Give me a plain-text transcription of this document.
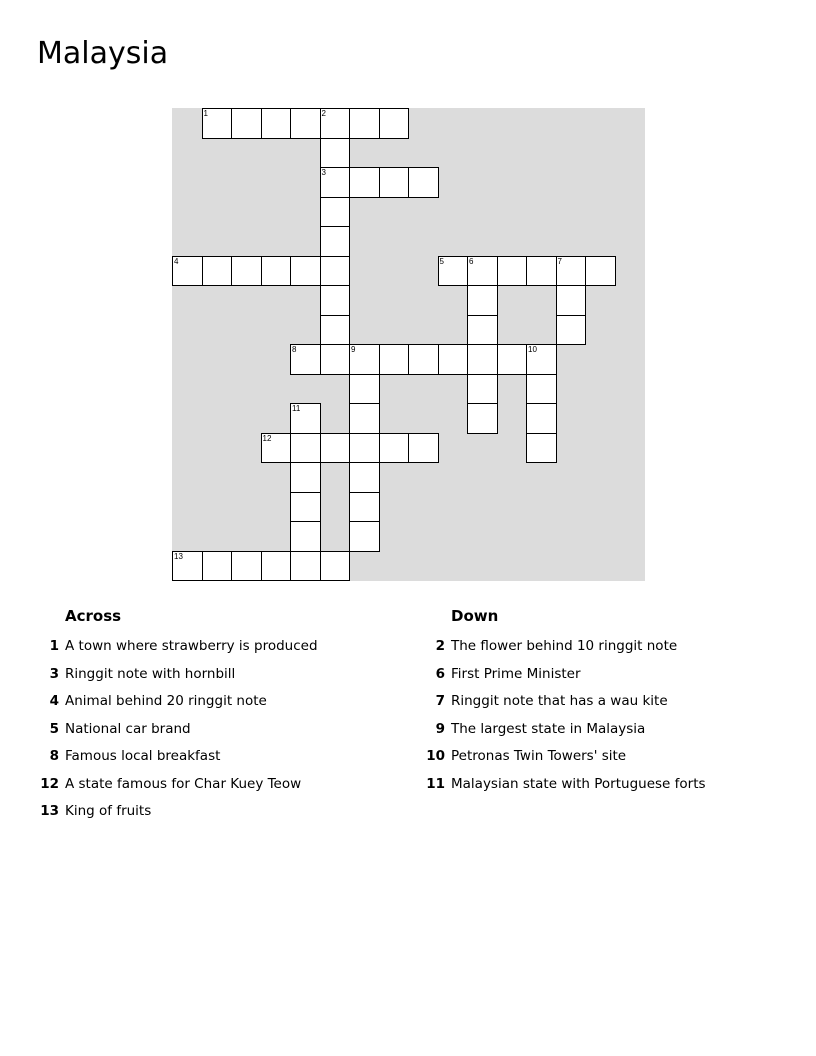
Malaysia
1	2
3
4	5	6	7
8	9	10
11
12
13
Across
1 A town where strawberry is produced
3 Ringgit note with hornbill
4 Animal behind 20 ringgit note
5 National car brand
8 Famous local breakfast
12 A state famous for Char Kuey Teow
13 King of fruits
Down
2 The flower behind 10 ringgit note
6 First Prime Minister
7 Ringgit note that has a wau kite
9 The largest state in Malaysia
10 Petronas Twin Towers' site
11 Malaysian state with Portuguese forts
